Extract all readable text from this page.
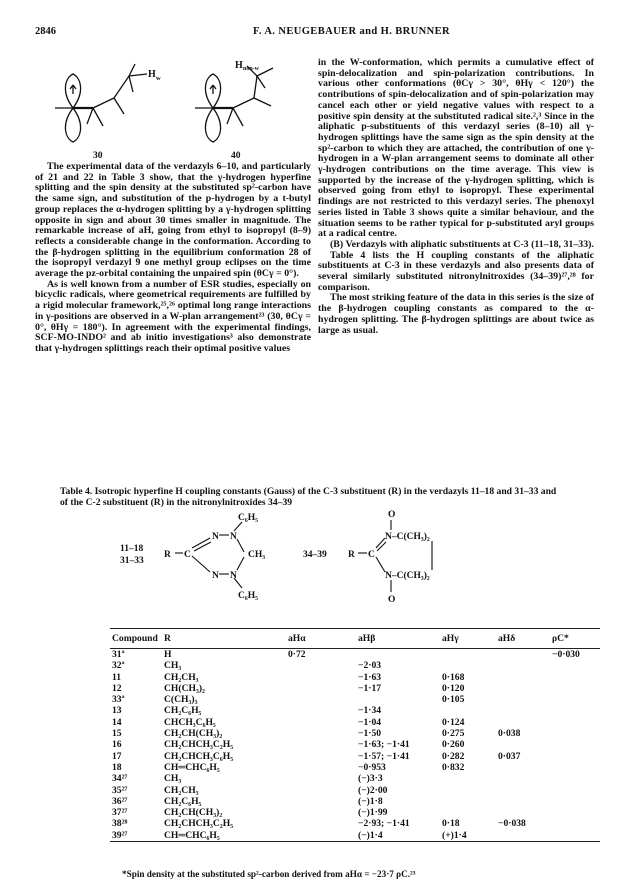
2846	F. A. NEUGEBAUER and H. BRUNNER
H w
30
H non-w
40

The experimental data of the verdazyls 6–10, and particularly of 21 and 22 in Table 3 show, that the γ-hydrogen hyperfine splitting and the spin density at the substituted sp²-carbon have the same sign, and substitution of the p-hydrogen by a t-butyl group replaces the α-hydrogen splitting by a γ-hydrogen splitting opposite in sign and about 30 times smaller in magnitude. The remarkable increase of aH, going from ethyl to isopropyl (8–9) reflects a considerable change in the conformation. According to the β-hydrogen splitting in the equilibrium conformation 28 of the isopropyl verdazyl 9 one methyl group eclipses on the time average the pz-orbital containing the unpaired spin (θCγ = 0°).

As is well known from a number of ESR studies, especially on bicyclic radicals, where geometrical requirements are fulfilled by a rigid molecular framework,²⁵,²⁶ optimal long range interactions in γ-positions are observed in a W-plan arrangement²³ (30, θCγ = 0°, θHγ = 180°). In agreement with the experimental findings, SCF-MO-INDO² and ab initio investigations³ also demonstrate that γ-hydrogen splittings reach their optimal positive values

in the W-conformation, which permits a cumulative effect of spin-delocalization and spin-polarization contributions. In various other conformations (θCγ > 30°, θHγ < 120°) the contributions of spin-delocalization and of spin-polarization may cancel each other or yield negative values with respect to a positive spin density at the substituted radical site.²,³ Since in the aliphatic p-substituents of this verdazyl series (8–10) all γ-hydrogen splittings have the same sign as the spin density at the sp²-carbon to which they are attached, the contribution of one γ-hydrogen in a W-plan arrangement seems to dominate all other γ-hydrogen contributions on the time average. This view is supported by the increase of the γ-hydrogen splitting, which is observed going from ethyl to isopropyl. These experimental findings are not restricted to this verdazyl series. The phenoxyl series listed in Table 3 shows quite a similar behaviour, and the situation seems to be rather typical for p-substituted aryl groups at a radical centre.

(B) Verdazyls with aliphatic substituents at C-3 (11–18, 31–33).

Table 4 lists the H coupling constants of the aliphatic substituents at C-3 in these verdazyls and also presents data of several similarly substituted nitronylnitroxides (34–39)²⁷,²⁸ for comparison.

The most striking feature of the data in this series is the size of the β-hydrogen coupling constants as compared to the α-hydrogen splitting. The β-hydrogen splittings are about twice as large as usual.

Table 4. Isotropic hyperfine H coupling constants (Gauss) of the C-3 substituent (R) in the verdazyls 11–18 and 31–33 and of the C-2 substituent (R) in the nitronylnitroxides 34–39
11–18
31–33
R C
N N
N N
C₆H₅
CH₃
C₆H₅
34–39 R C
O
N–C(CH₃)₂
N–C(CH₃)₂
O
Compound	R	aHα	aHβ	aHγ	aHδ	ρC*
31ª	H	0·72				−0·030
32ª	CH₃		−2·03			
11	CH₂CH₃		−1·63	0·168		
12	CH(CH₃)₂		−1·17	0·120		
33ª	C(CH₃)₃			0·105		
13	CH₂C₆H₅		−1·34			
14	CHCH₃C₆H₅		−1·04	0·124		
15	CH₂CH(CH₃)₂		−1·50	0·275	0·038	
16	CH₂CHCH₃C₂H₅		−1·63; −1·41	0·260		
17	CH₂CHCH₃C₆H₅		−1·57; −1·41	0·282	0·037	
18	CH═CHC₆H₅		−0·953	0·832		
34²⁷	CH₃		(−)3·3			
35²⁷	CH₂CH₃		(−)2·00			
36²⁷	CH₂C₆H₅		(−)1·8			
37²⁷	CH₂CH(CH₃)₂		(−)1·99			
38²⁸	CH₂CHCH₃C₂H₅		−2·93; −1·41	0·18	−0·038	
39²⁷	CH═CHC₆H₅		(−)1·4	(+)1·4		
*Spin density at the substituted sp²-carbon derived from aHα = −23·7 ρC.²³
